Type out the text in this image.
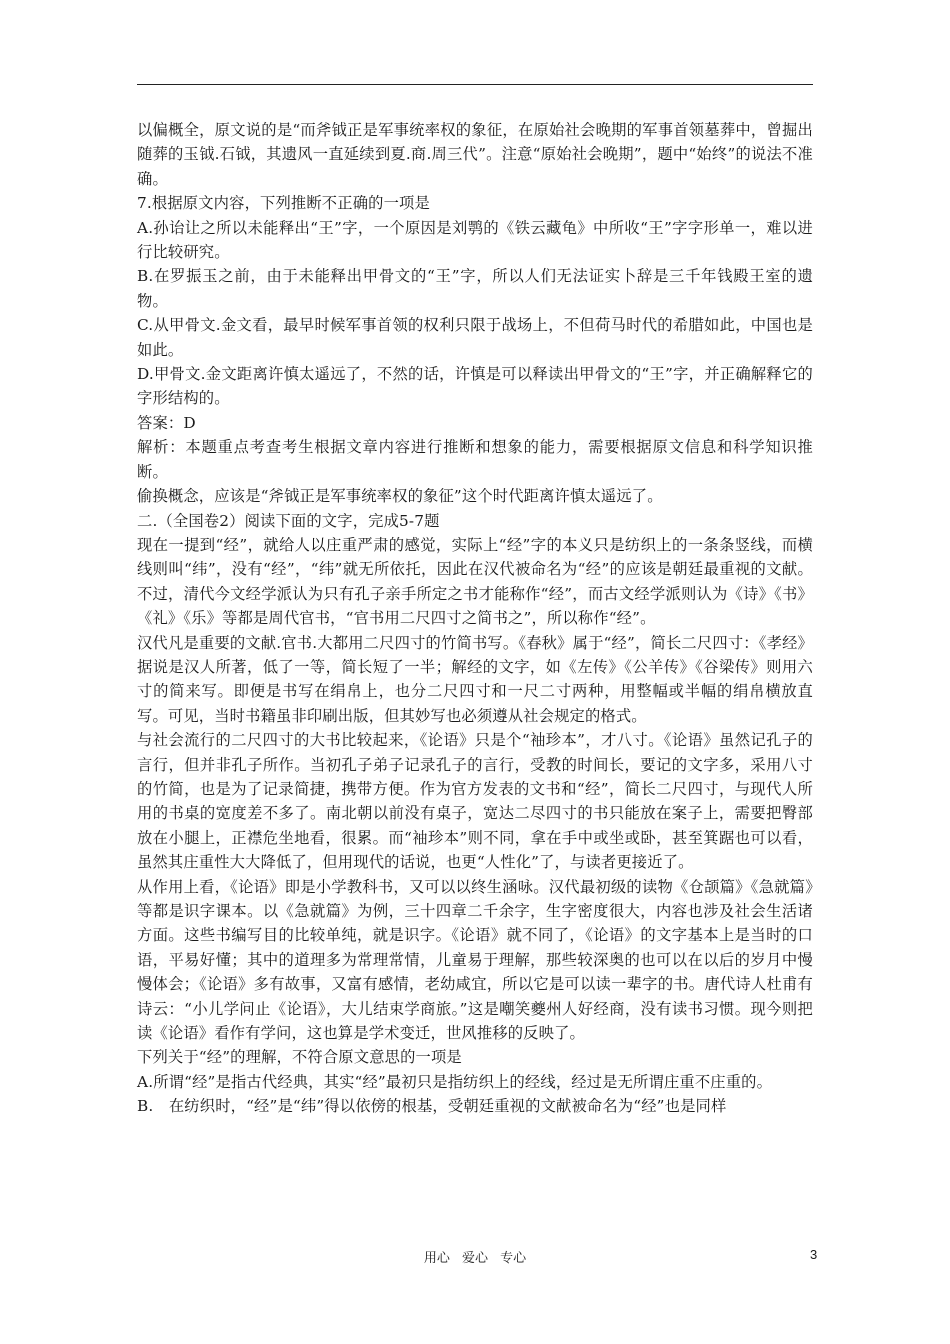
以偏概全，原文说的是“而斧钺正是军事统率权的象征，在原始社会晚期的军事首领墓葬中，曾掘出随葬的玉钺.石钺，其遗风一直延续到夏.商.周三代”。注意“原始社会晚期”，题中“始终”的说法不准确。

7.根据原文内容，下列推断不正确的一项是

A.孙诒让之所以未能释出“王”字，一个原因是刘鹗的《铁云藏龟》中所收“王”字字形单一，难以进行比较研究。

B.在罗振玉之前，由于未能释出甲骨文的“王”字，所以人们无法证实卜辞是三千年钱殿王室的遗物。

C.从甲骨文.金文看，最早时候军事首领的权利只限于战场上，不但荷马时代的希腊如此，中国也是如此。

D.甲骨文.金文距离许慎太遥远了，不然的话，许慎是可以释读出甲骨文的“王”字，并正确解释它的字形结构的。

答案：D

解析：本题重点考查考生根据文章内容进行推断和想象的能力，需要根据原文信息和科学知识推断。

偷换概念，应该是“斧钺正是军事统率权的象征”这个时代距离许慎太遥远了。

二.（全国卷2）阅读下面的文字，完成5-7题

现在一提到“经”，就给人以庄重严肃的感觉，实际上“经”字的本义只是纺织上的一条条竖线，而横线则叫“纬”，没有“经”，“纬”就无所依托，因此在汉代被命名为“经”的应该是朝廷最重视的文献。不过，清代今文经学派认为只有孔子亲手所定之书才能称作“经”，而古文经学派则认为《诗》《书》《礼》《乐》等都是周代官书，“官书用二尺四寸之简书之”，所以称作“经”。

汉代凡是重要的文献.官书.大都用二尺四寸的竹简书写。《春秋》属于“经”，简长二尺四寸：《孝经》据说是汉人所著，低了一等，简长短了一半；解经的文字，如《左传》《公羊传》《谷梁传》则用六寸的简来写。即便是书写在绢帛上，也分二尺四寸和一尺二寸两种，用整幅或半幅的绢帛横放直写。可见，当时书籍虽非印刷出版，但其妙写也必须遵从社会规定的格式。

与社会流行的二尺四寸的大书比较起来，《论语》只是个“袖珍本”，才八寸。《论语》虽然记孔子的言行，但并非孔子所作。当初孔子弟子记录孔子的言行，受教的时间长，要记的文字多，采用八寸的竹简，也是为了记录简捷，携带方便。作为官方发表的文书和“经”，简长二尺四寸，与现代人所用的书桌的宽度差不多了。南北朝以前没有桌子，宽达二尽四寸的书只能放在案子上，需要把臀部放在小腿上，正襟危坐地看，很累。而“袖珍本”则不同，拿在手中或坐或卧，甚至箕踞也可以看，虽然其庄重性大大降低了，但用现代的话说，也更“人性化”了，与读者更接近了。

从作用上看，《论语》即是小学教科书，又可以以终生涵咏。汉代最初级的读物《仓颉篇》《急就篇》等都是识字课本。以《急就篇》为例，三十四章二千余字，生字密度很大，内容也涉及社会生活诸方面。这些书编写目的比较单纯，就是识字。《论语》就不同了，《论语》的文字基本上是当时的口语，平易好懂；其中的道理多为常理常情，儿童易于理解，那些较深奥的也可以在以后的岁月中慢慢体会；《论语》多有故事，又富有感情，老幼咸宜，所以它是可以读一辈字的书。唐代诗人杜甫有诗云：“小儿学问止《论语》，大儿结束学商旅。”这是嘲笑夔州人好经商，没有读书习惯。现今则把读《论语》看作有学问，这也算是学术变迁，世风推移的反映了。

下列关于“经”的理解，不符合原文意思的一项是

A.所谓“经”是指古代经典，其实“经”最初只是指纺织上的经线，经过是无所谓庄重不庄重的。

B.　在纺织时，“经”是“纬”得以依傍的根基，受朝廷重视的文献被命名为“经”也是同样

用心 爱心 专心	3
